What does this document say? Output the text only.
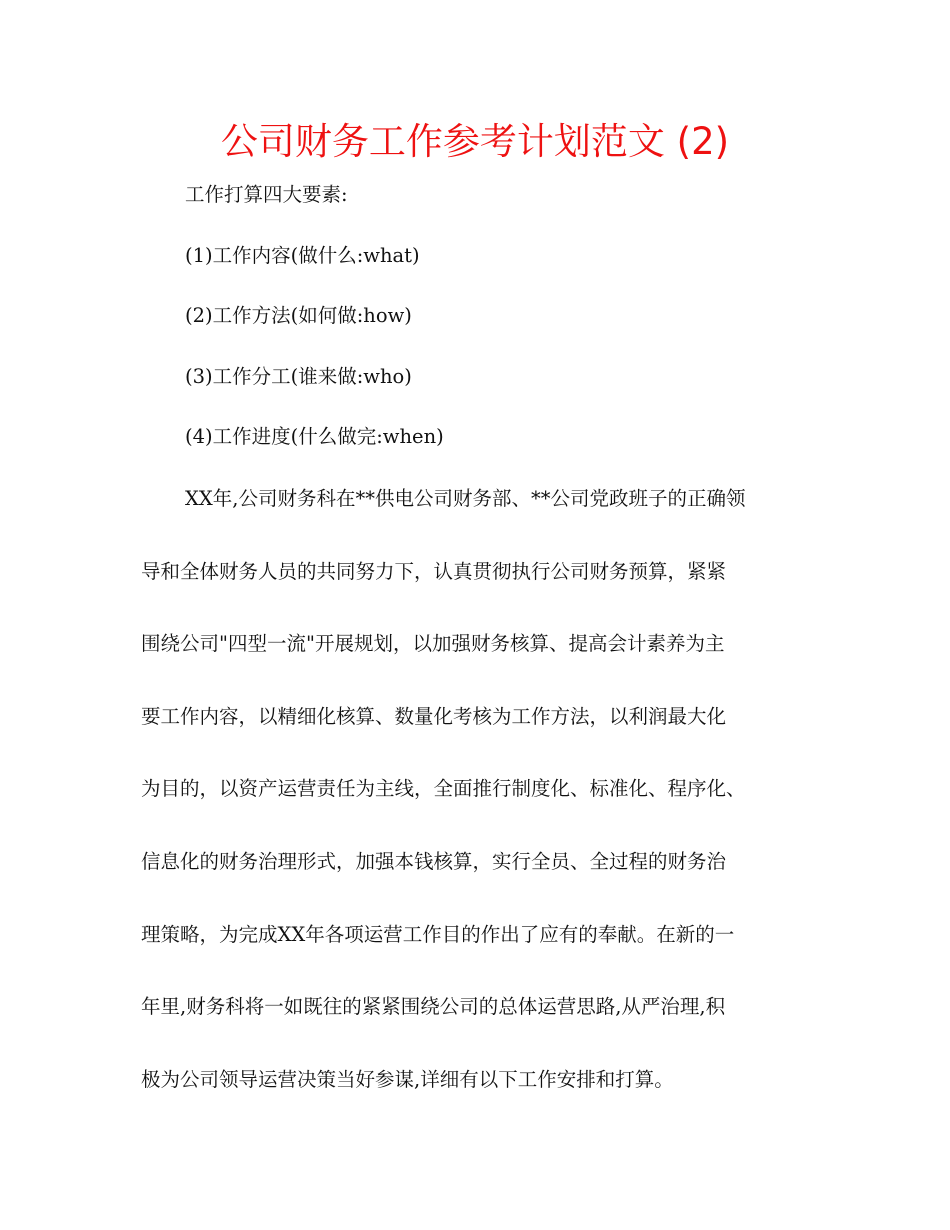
公司财务工作参考计划范文 (2)
工作打算四大要素:
(1)工作内容(做什么:what)
(2)工作方法(如何做:how)
(3)工作分工(谁来做:who)
(4)工作进度(什么做完:when)
XX年,公司财务科在**供电公司财务部、**公司党政班子的正确领
导和全体财务人员的共同努力下，认真贯彻执行公司财务预算，紧紧
围绕公司"四型一流"开展规划，以加强财务核算、提高会计素养为主
要工作内容，以精细化核算、数量化考核为工作方法，以利润最大化
为目的，以资产运营责任为主线，全面推行制度化、标准化、程序化、
信息化的财务治理形式，加强本钱核算，实行全员、全过程的财务治
理策略，为完成XX年各项运营工作目的作出了应有的奉献。在新的一
年里,财务科将一如既往的紧紧围绕公司的总体运营思路,从严治理,积
极为公司领导运营决策当好参谋,详细有以下工作安排和打算。
